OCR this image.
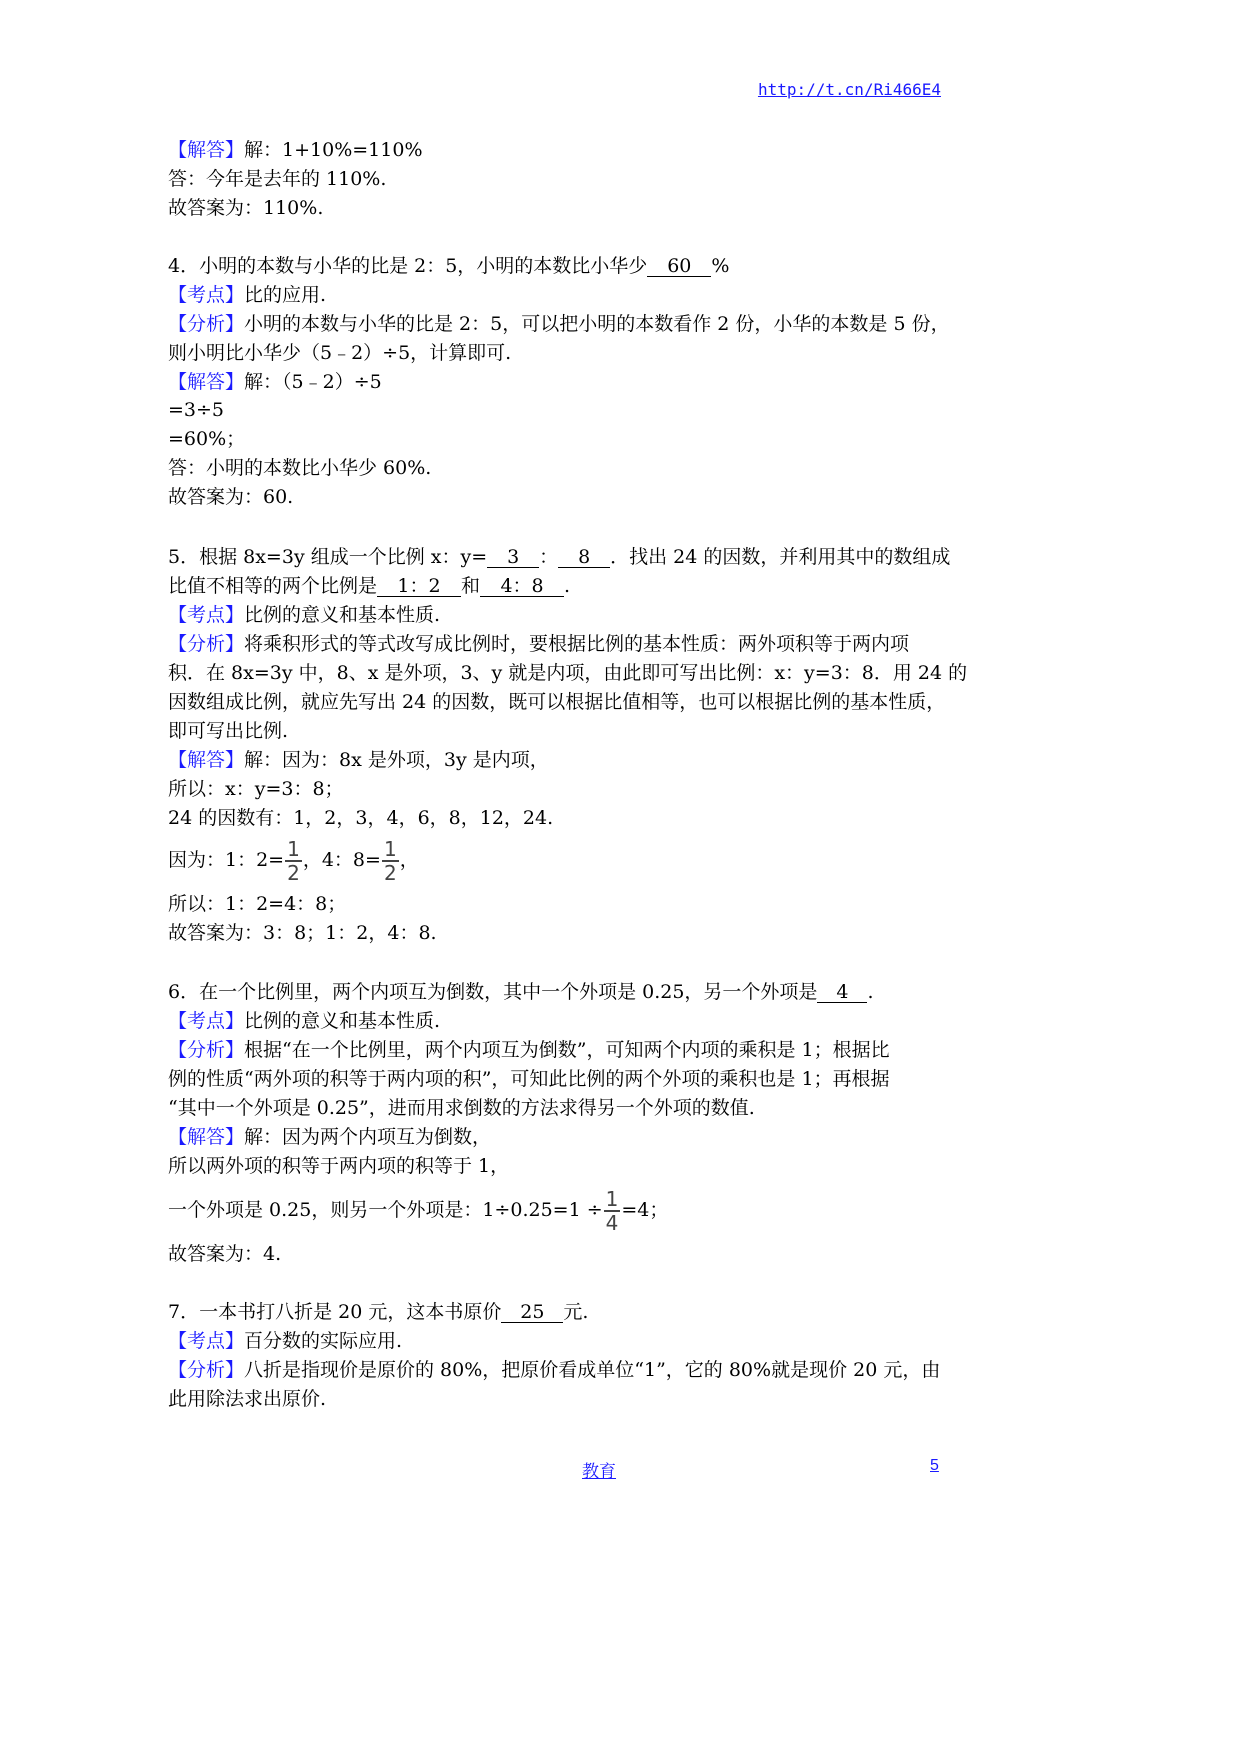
http://t.cn/Ri466E4
【解答】解：1+10%=110%
答：今年是去年的 110%.
故答案为：110%.
4．小明的本数与小华的比是 2：5，小明的本数比小华少 60 %
【考点】比的应用.
【分析】小明的本数与小华的比是 2：5，可以把小明的本数看作 2 份，小华的本数是 5 份，
则小明比小华少（5﹣2）÷5，计算即可.
【解答】解：（5﹣2）÷5
=3÷5
=60%；
答：小明的本数比小华少 60%.
故答案为：60.
5．根据 8x=3y 组成一个比例 x：y= 3 ： 8 ．找出 24 的因数，并利用其中的数组成
比值不相等的两个比例是 1：2 和 4：8 .
【考点】比例的意义和基本性质.
【分析】将乘积形式的等式改写成比例时，要根据比例的基本性质：两外项积等于两内项
积．在 8x=3y 中，8、x 是外项，3、y 就是内项，由此即可写出比例：x：y=3：8．用 24 的
因数组成比例，就应先写出 24 的因数，既可以根据比值相等，也可以根据比例的基本性质，
即可写出比例.
【解答】解：因为：8x 是外项，3y 是内项，
所以：x：y=3：8；
24 的因数有：1，2，3，4，6，8，12，24.
因为：1：$2= \frac{1}{2}$ ，4：$8= \frac{1}{2}$ ，
所以：1：2=4：8；
故答案为：3：8；1：2，4：8.
6．在一个比例里，两个内项互为倒数，其中一个外项是 0.25，另一个外项是 4 .
【考点】比例的意义和基本性质.
【分析】根据“在一个比例里，两个内项互为倒数”，可知两个内项的乘积是 1；根据比
例的性质“两外项的积等于两内项的积”，可知此比例的两个外项的乘积也是 1；再根据
“其中一个外项是 0.25”，进而用求倒数的方法求得另一个外项的数值.
【解答】解：因为两个内项互为倒数，
所以两外项的积等于两内项的积等于 1，
一个外项是 0.25，则另一个外项是：$1\div 0.25=1 \div \frac{1}{4} =4$；
故答案为：4.
7．一本书打八折是 20 元，这本书原价 25 元.
【考点】百分数的实际应用.
【分析】八折是指现价是原价的 80%，把原价看成单位“1”，它的 80%就是现价 20 元，由
此用除法求出原价.
教育	5
